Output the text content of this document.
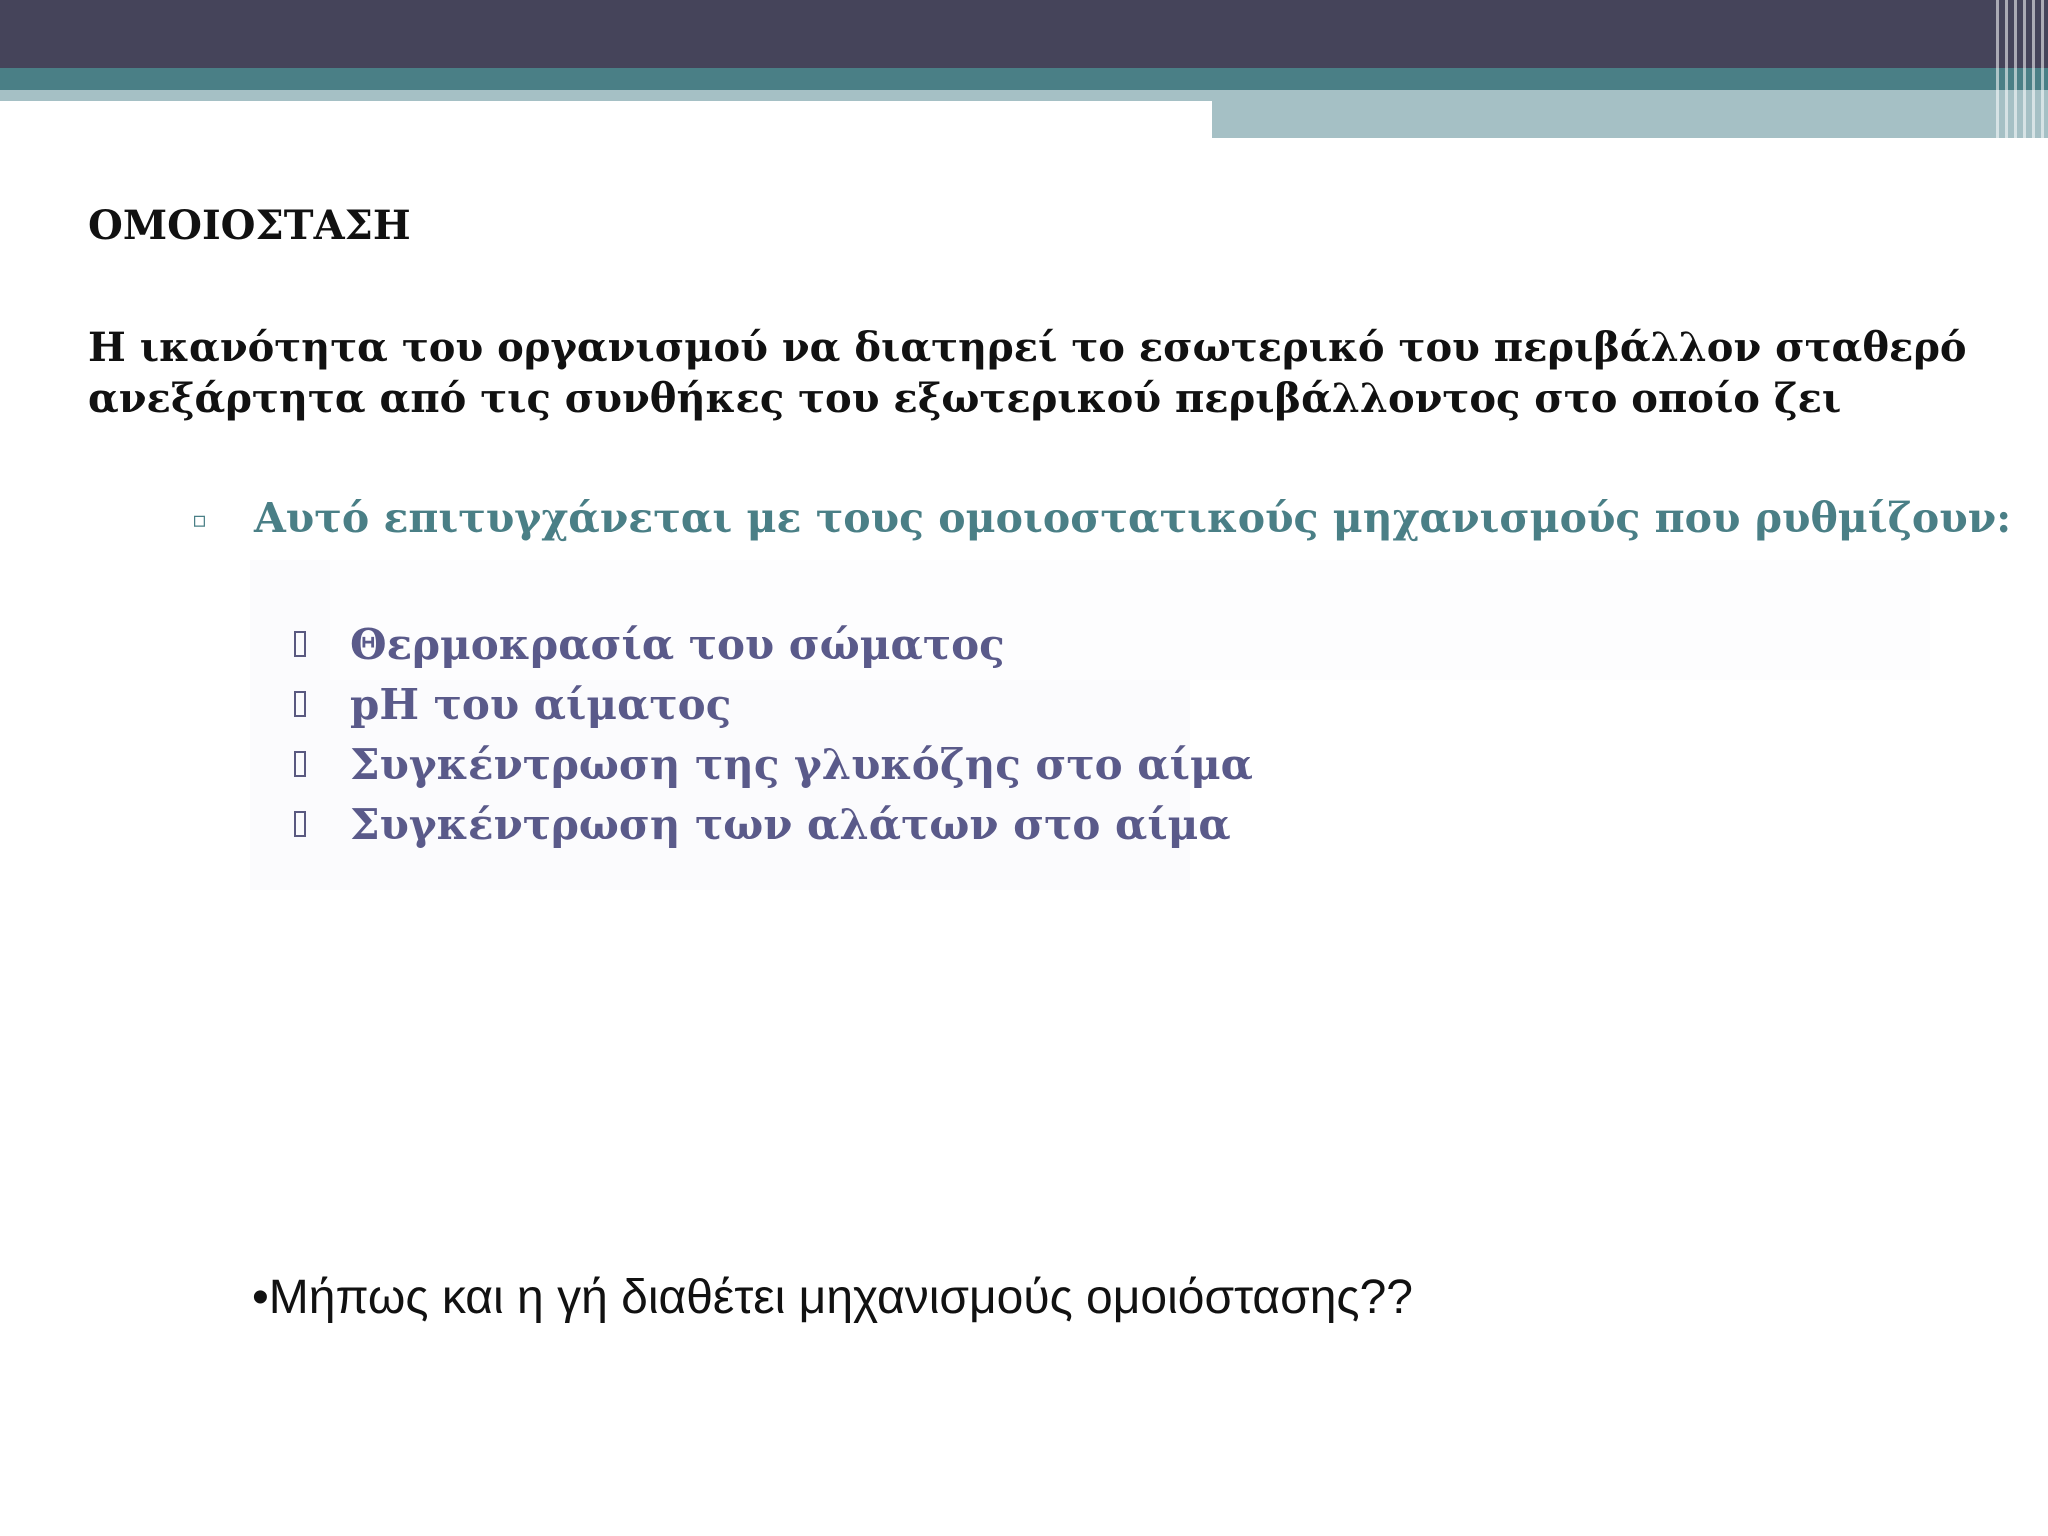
ΟΜΟΙΟΣΤΑΣΗ
Η ικανότητα του οργανισμού να διατηρεί το εσωτερικό του περιβάλλον σταθερό
ανεξάρτητα από τις συνθήκες του εξωτερικού περιβάλλοντος στο οποίο ζει
▫ Αυτό επιτυγχάνεται με τους ομοιοστατικούς μηχανισμούς που ρυθμίζουν:
Θερμοκρασία του σώματος
pH του αίματος
Συγκέντρωση της γλυκόζης στο αίμα
Συγκέντρωση των αλάτων στο αίμα
•Μήπως και η γή διαθέτει μηχανισμούς ομοιόστασης??
